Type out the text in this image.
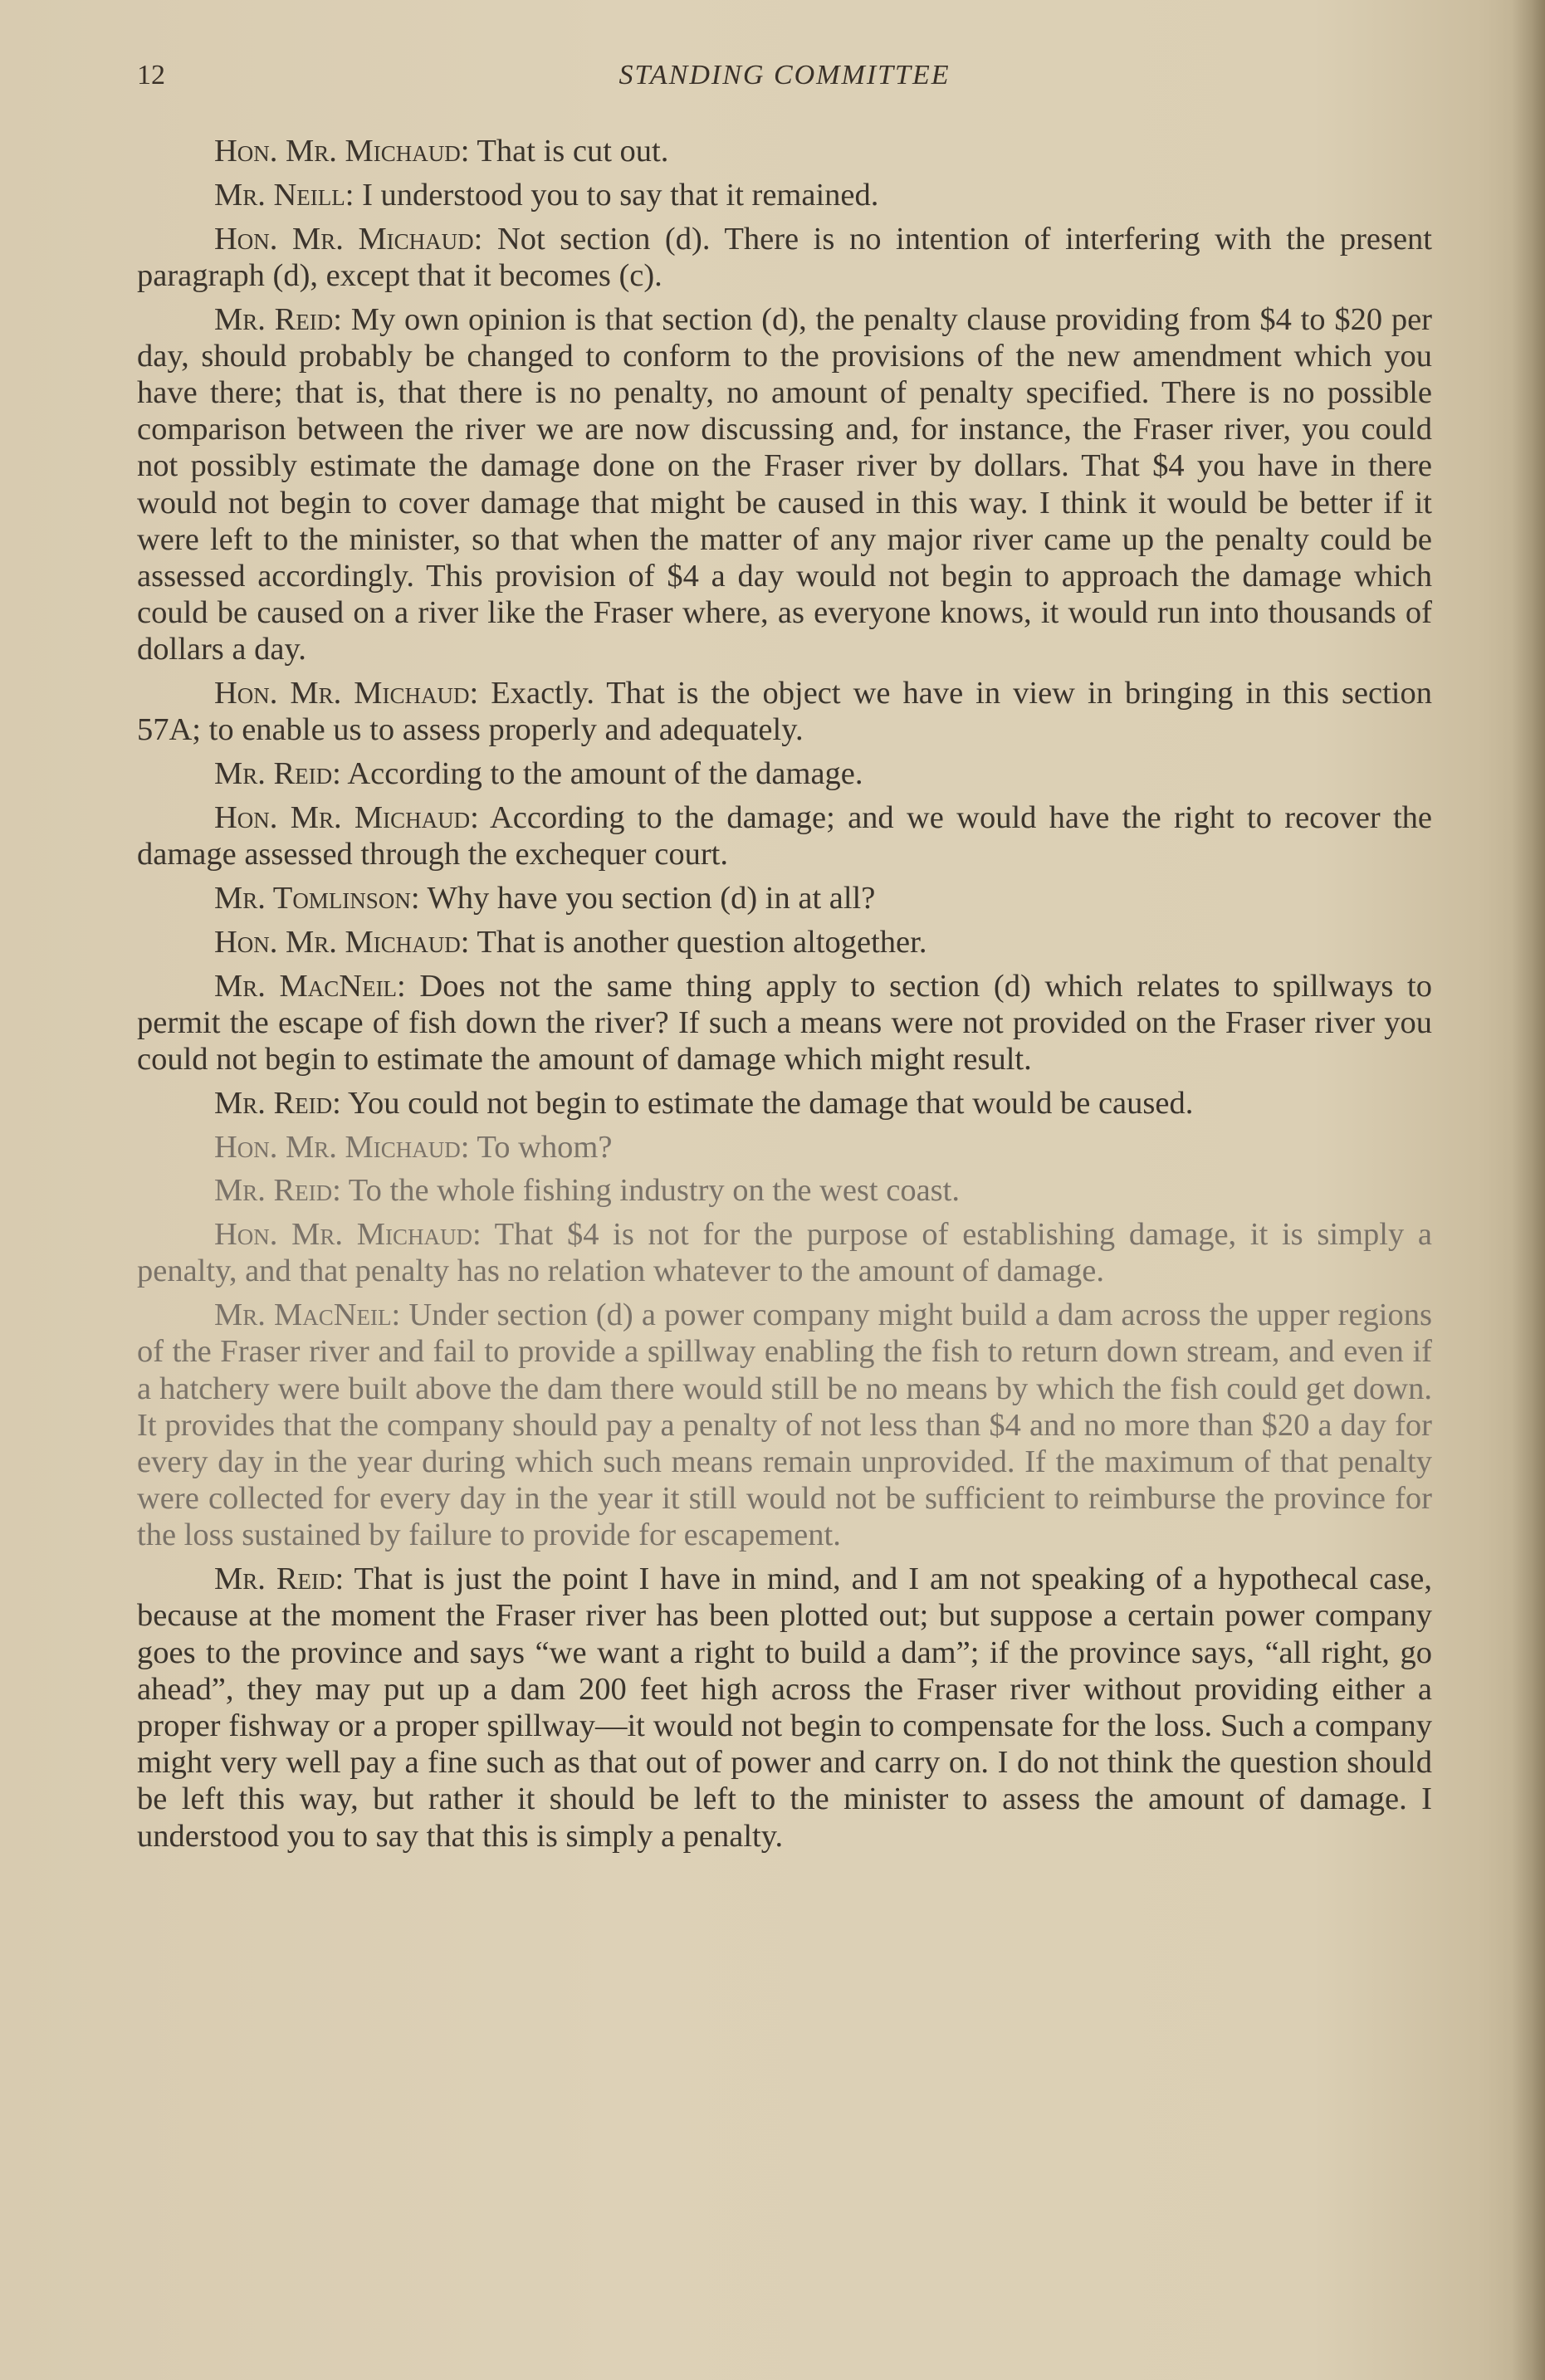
12	STANDING COMMITTEE

Hon. Mr. Michaud: That is cut out.

Mr. Neill: I understood you to say that it remained.

Hon. Mr. Michaud: Not section (d). There is no intention of interfering with the present paragraph (d), except that it becomes (c).

Mr. Reid: My own opinion is that section (d), the penalty clause providing from $4 to $20 per day, should probably be changed to conform to the provisions of the new amendment which you have there; that is, that there is no penalty, no amount of penalty specified. There is no possible comparison between the river we are now discussing and, for instance, the Fraser river, you could not possibly estimate the damage done on the Fraser river by dollars. That $4 you have in there would not begin to cover damage that might be caused in this way. I think it would be better if it were left to the minister, so that when the matter of any major river came up the penalty could be assessed accordingly. This provision of $4 a day would not begin to approach the damage which could be caused on a river like the Fraser where, as everyone knows, it would run into thousands of dollars a day.

Hon. Mr. Michaud: Exactly. That is the object we have in view in bringing in this section 57A; to enable us to assess properly and adequately.

Mr. Reid: According to the amount of the damage.

Hon. Mr. Michaud: According to the damage; and we would have the right to recover the damage assessed through the exchequer court.

Mr. Tomlinson: Why have you section (d) in at all?

Hon. Mr. Michaud: That is another question altogether.

Mr. MacNeil: Does not the same thing apply to section (d) which relates to spillways to permit the escape of fish down the river? If such a means were not provided on the Fraser river you could not begin to estimate the amount of damage which might result.

Mr. Reid: You could not begin to estimate the damage that would be caused.

Hon. Mr. Michaud: To whom?

Mr. Reid: To the whole fishing industry on the west coast.

Hon. Mr. Michaud: That $4 is not for the purpose of establishing damage, it is simply a penalty, and that penalty has no relation whatever to the amount of damage.

Mr. MacNeil: Under section (d) a power company might build a dam across the upper regions of the Fraser river and fail to provide a spillway enabling the fish to return down stream, and even if a hatchery were built above the dam there would still be no means by which the fish could get down. It provides that the company should pay a penalty of not less than $4 and no more than $20 a day for every day in the year during which such means remain unprovided. If the maximum of that penalty were collected for every day in the year it still would not be sufficient to reimburse the province for the loss sustained by failure to provide for escapement.

Mr. Reid: That is just the point I have in mind, and I am not speaking of a hypothecal case, because at the moment the Fraser river has been plotted out; but suppose a certain power company goes to the province and says “we want a right to build a dam”; if the province says, “all right, go ahead”, they may put up a dam 200 feet high across the Fraser river without providing either a proper fishway or a proper spillway—it would not begin to compensate for the loss. Such a company might very well pay a fine such as that out of power and carry on. I do not think the question should be left this way, but rather it should be left to the minister to assess the amount of damage. I understood you to say that this is simply a penalty.
